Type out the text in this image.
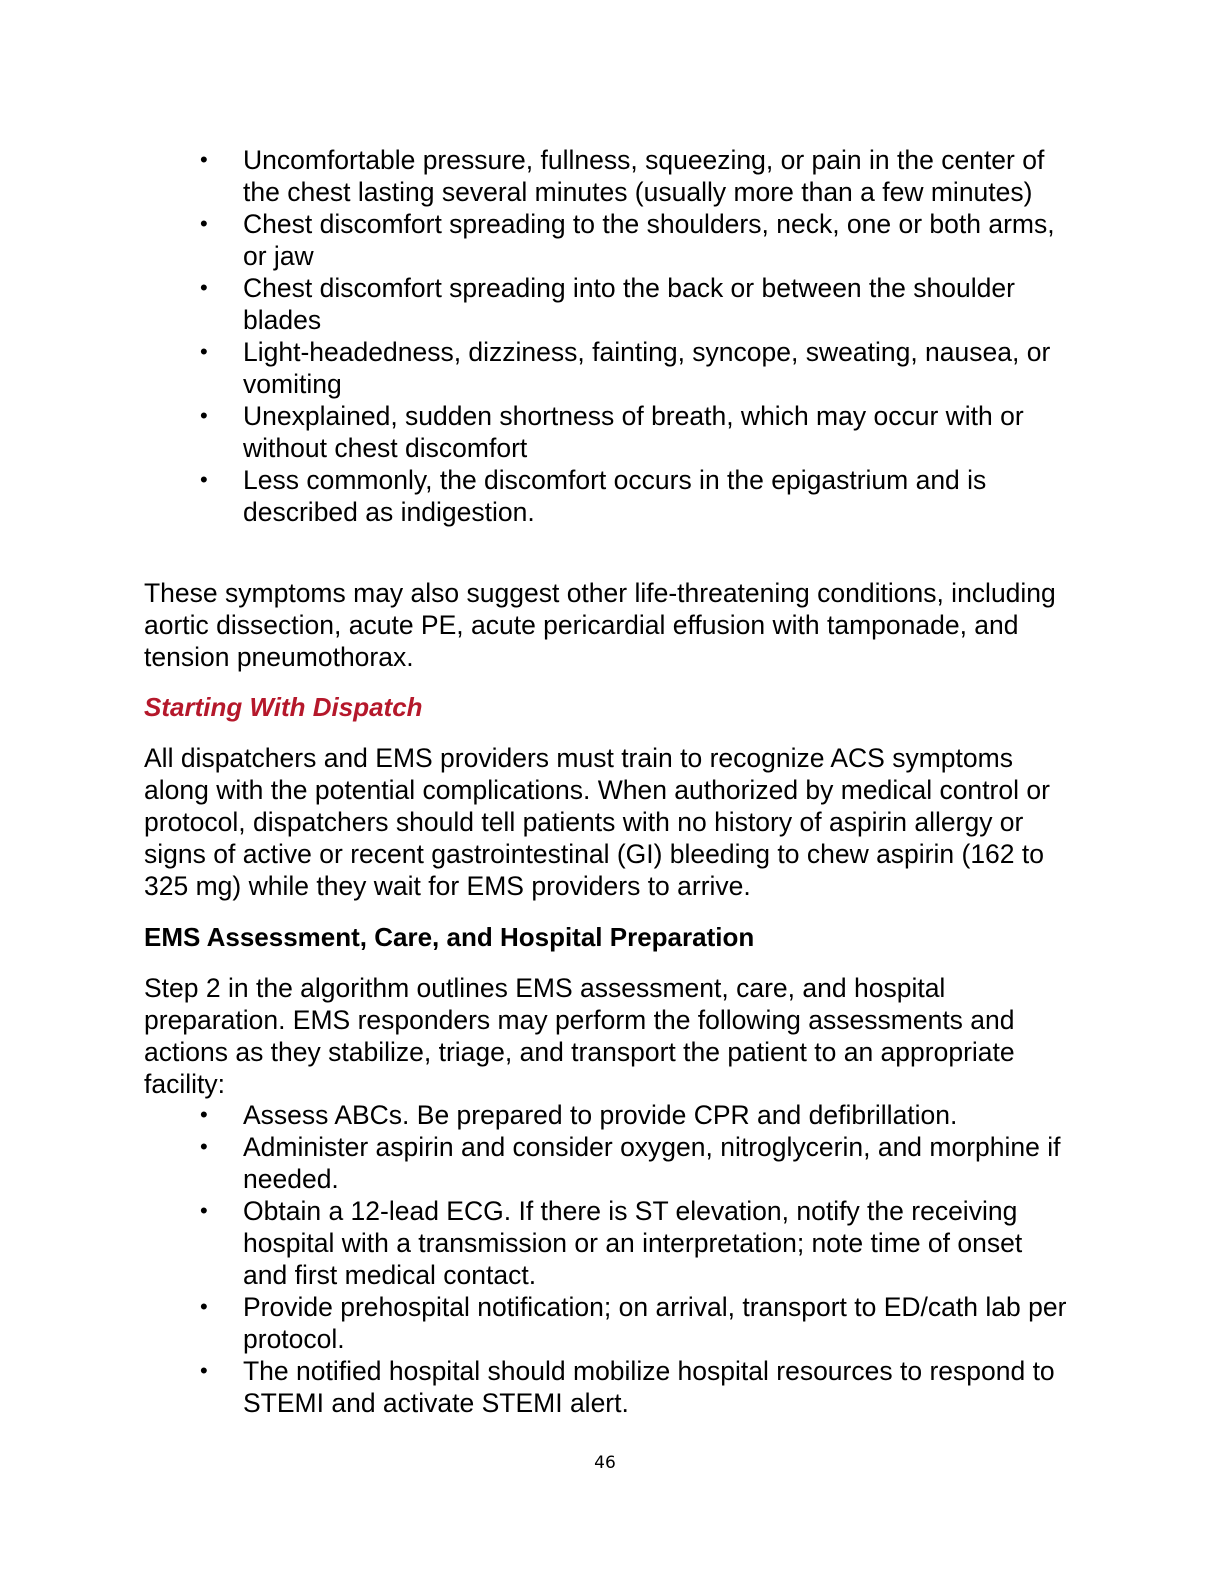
• Uncomfortable pressure, fullness, squeezing, or pain in the center of the chest lasting several minutes (usually more than a few minutes)
• Chest discomfort spreading to the shoulders, neck, one or both arms, or jaw
• Chest discomfort spreading into the back or between the shoulder blades
• Light-headedness, dizziness, fainting, syncope, sweating, nausea, or vomiting
• Unexplained, sudden shortness of breath, which may occur with or without chest discomfort
• Less commonly, the discomfort occurs in the epigastrium and is described as indigestion.

These symptoms may also suggest other life-threatening conditions, including aortic dissection, acute PE, acute pericardial effusion with tamponade, and tension pneumothorax.

Starting With Dispatch

All dispatchers and EMS providers must train to recognize ACS symptoms along with the potential complications. When authorized by medical control or protocol, dispatchers should tell patients with no history of aspirin allergy or signs of active or recent gastrointestinal (GI) bleeding to chew aspirin (162 to 325 mg) while they wait for EMS providers to arrive.

EMS Assessment, Care, and Hospital Preparation

Step 2 in the algorithm outlines EMS assessment, care, and hospital preparation. EMS responders may perform the following assessments and actions as they stabilize, triage, and transport the patient to an appropriate facility:

• Assess ABCs. Be prepared to provide CPR and defibrillation.
• Administer aspirin and consider oxygen, nitroglycerin, and morphine if needed.
• Obtain a 12-lead ECG. If there is ST elevation, notify the receiving hospital with a transmission or an interpretation; note time of onset and first medical contact.
• Provide prehospital notification; on arrival, transport to ED/cath lab per protocol.
• The notified hospital should mobilize hospital resources to respond to STEMI and activate STEMI alert.
46
